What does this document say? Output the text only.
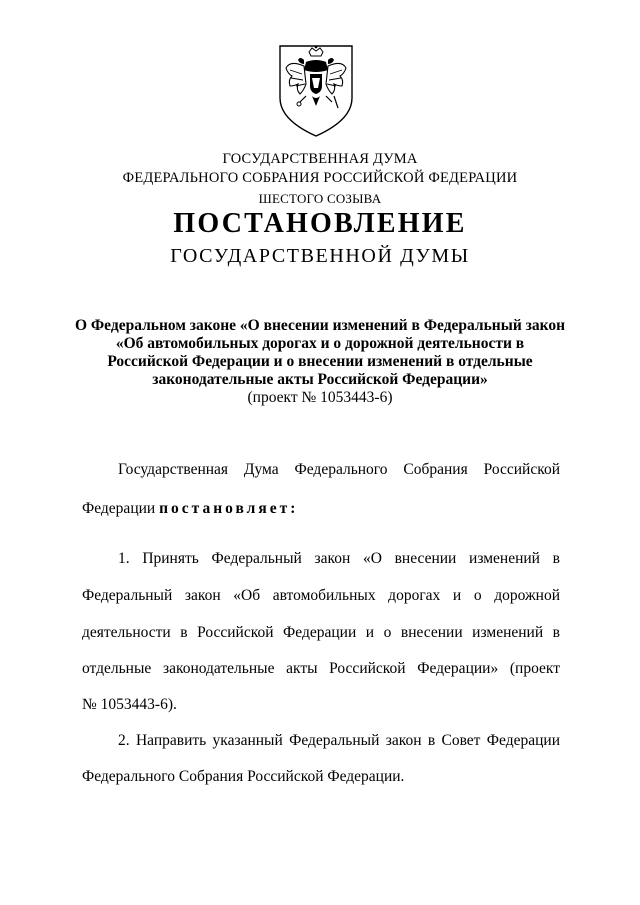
ГОСУДАРСТВЕННАЯ ДУМА
ФЕДЕРАЛЬНОГО СОБРАНИЯ РОССИЙСКОЙ ФЕДЕРАЦИИ
ШЕСТОГО СОЗЫВА
ПОСТАНОВЛЕНИЕ
ГОСУДАРСТВЕННОЙ ДУМЫ
О Федеральном законе «О внесении изменений в Федеральный закон
«Об автомобильных дорогах и о дорожной деятельности в
Российской Федерации и о внесении изменений в отдельные
законодательные акты Российской Федерации»
(проект № 1053443-6)
Государственная Дума Федерального Собрания Российской
Федерации постановляет:
1. Принять Федеральный закон «О внесении изменений в
Федеральный закон «Об автомобильных дорогах и о дорожной
деятельности в Российской Федерации и о внесении изменений в
отдельные законодательные акты Российской Федерации» (проект
№ 1053443-6).
2. Направить указанный Федеральный закон в Совет Федерации
Федерального Собрания Российской Федерации.
